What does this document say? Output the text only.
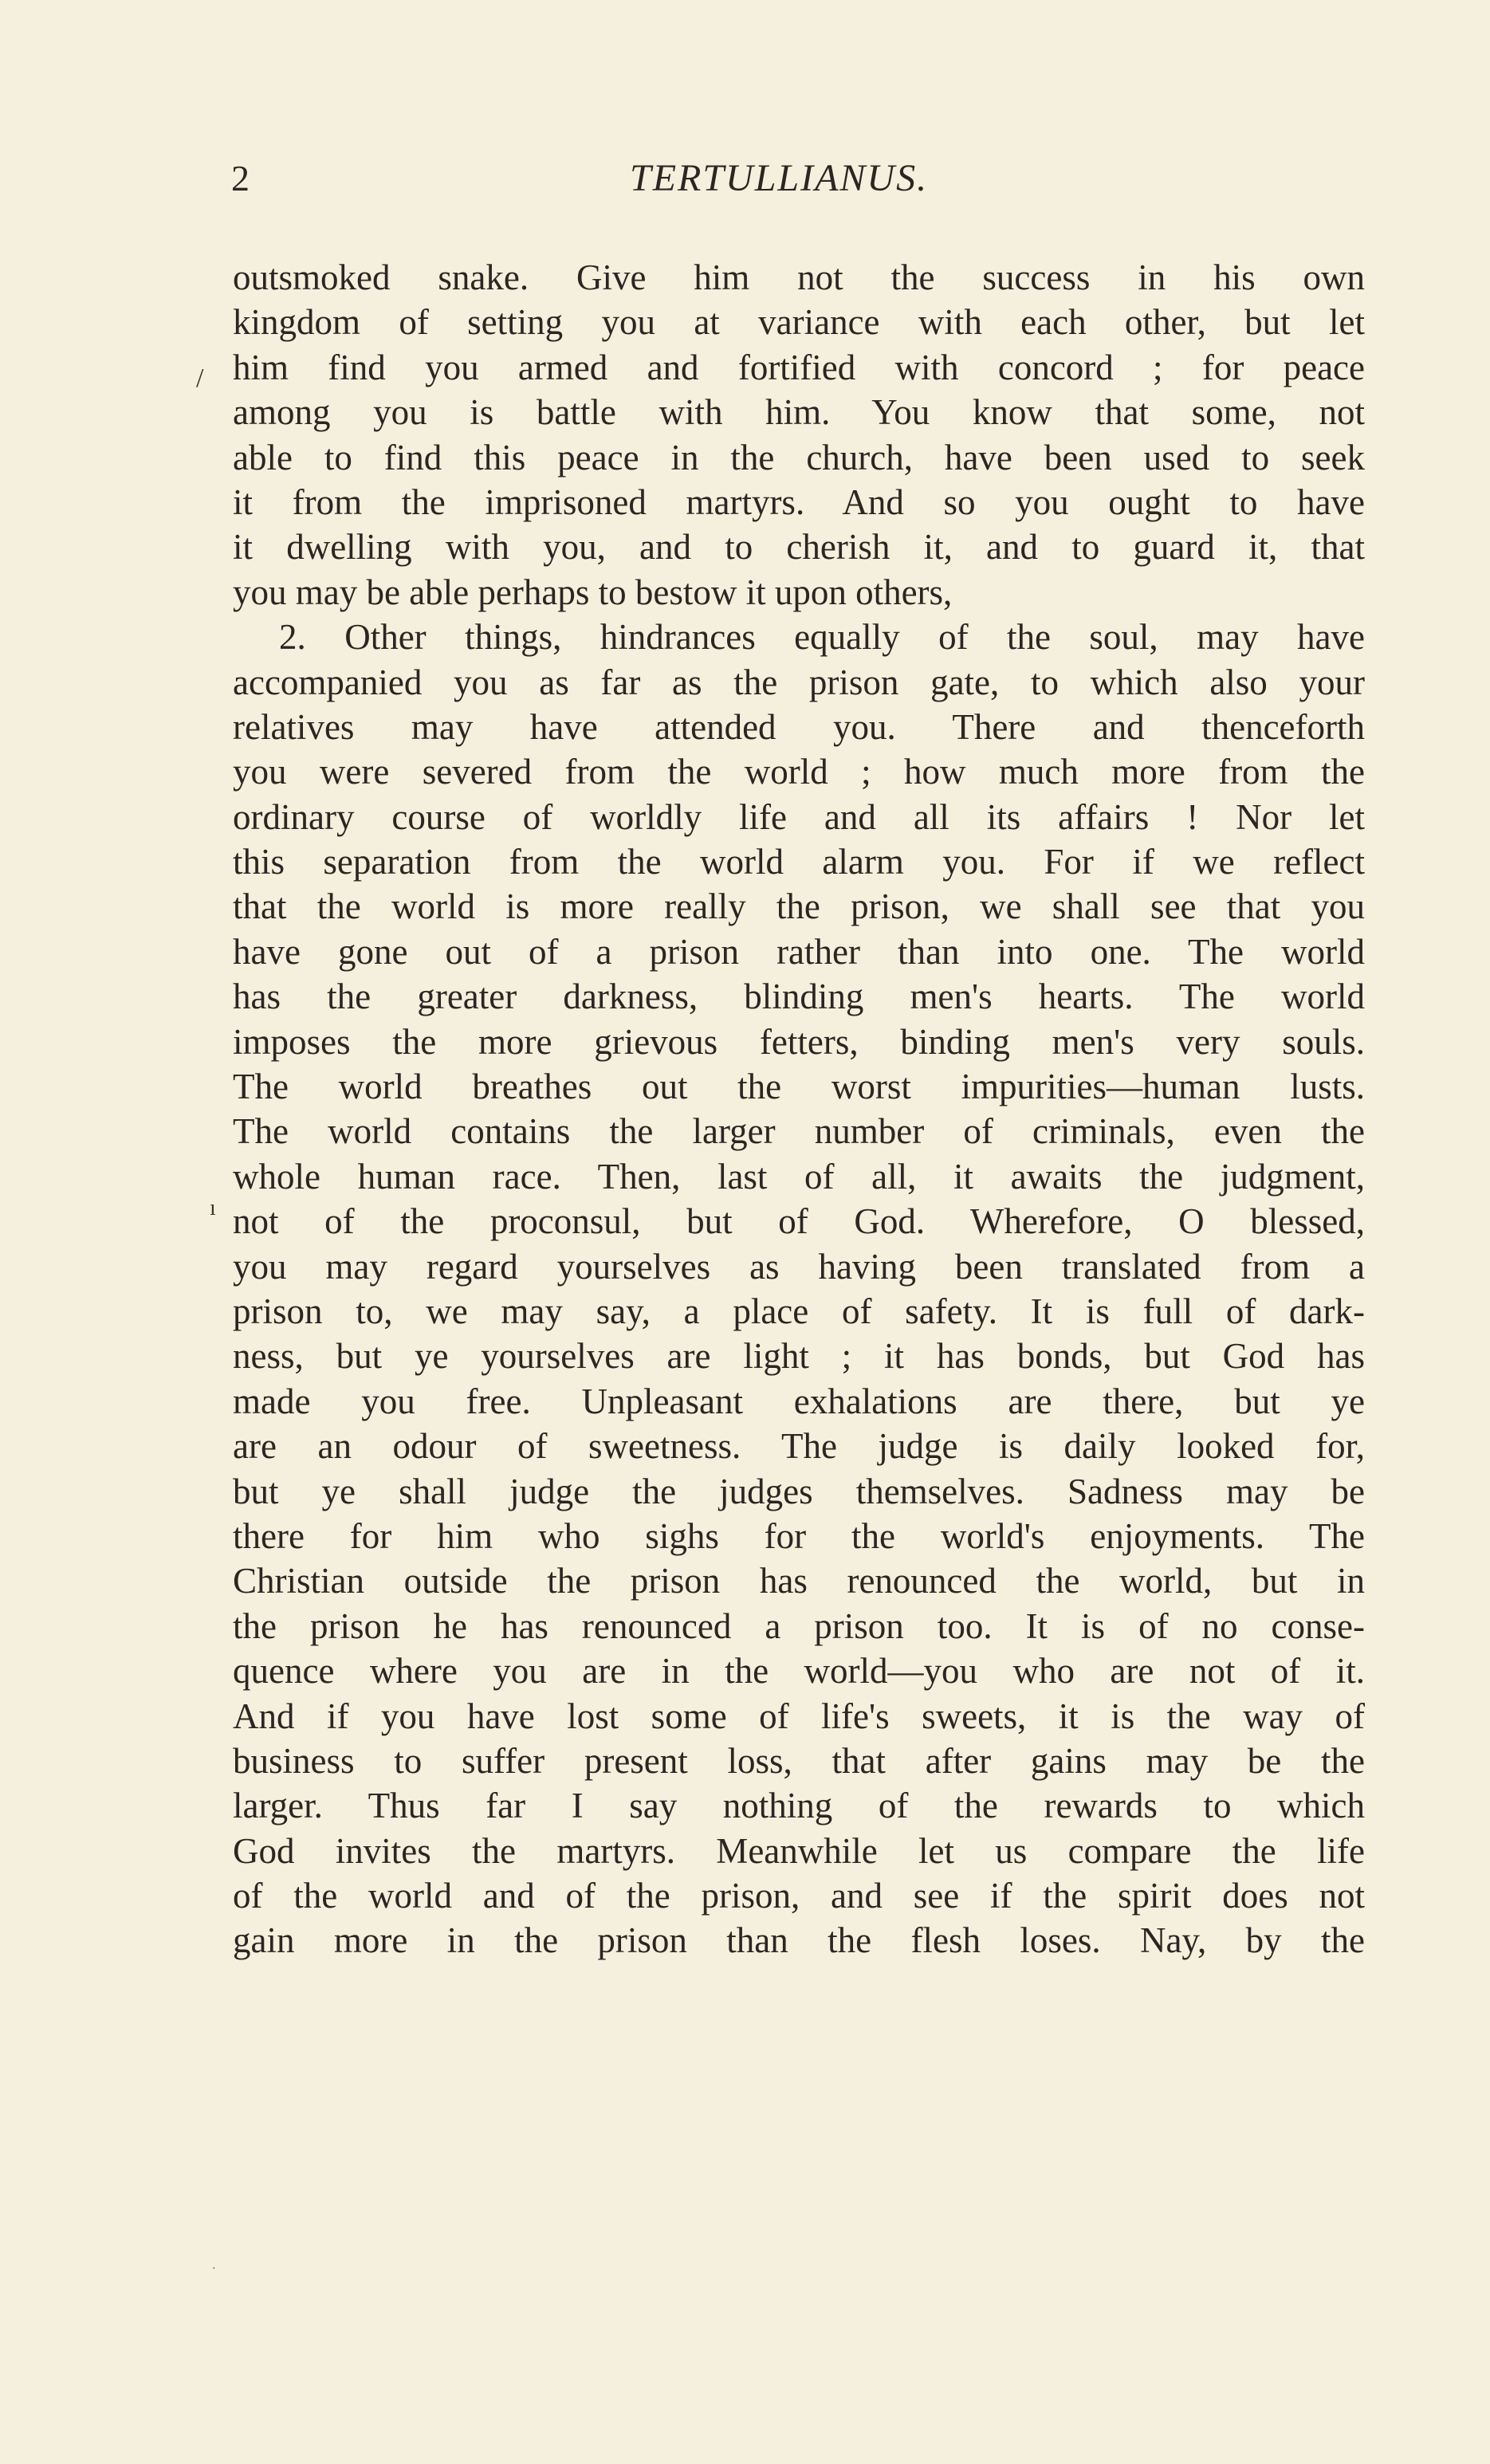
2	TERTULLIANUS.
/
ı
·
outsmoked snake. Give him not the success in his own
kingdom of setting you at variance with each other, but let
him find you armed and fortified with concord ; for peace
among you is battle with him. You know that some, not
able to find this peace in the church, have been used to seek
it from the imprisoned martyrs. And so you ought to have
it dwelling with you, and to cherish it, and to guard it, that
you may be able perhaps to bestow it upon others,
2. Other things, hindrances equally of the soul, may have
accompanied you as far as the prison gate, to which also your
relatives may have attended you. There and thenceforth
you were severed from the world ; how much more from the
ordinary course of worldly life and all its affairs ! Nor let
this separation from the world alarm you. For if we reflect
that the world is more really the prison, we shall see that you
have gone out of a prison rather than into one. The world
has the greater darkness, blinding men's hearts. The world
imposes the more grievous fetters, binding men's very souls.
The world breathes out the worst impurities—human lusts.
The world contains the larger number of criminals, even the
whole human race. Then, last of all, it awaits the judgment,
not of the proconsul, but of God. Wherefore, O blessed,
you may regard yourselves as having been translated from a
prison to, we may say, a place of safety. It is full of dark-
ness, but ye yourselves are light ; it has bonds, but God has
made you free. Unpleasant exhalations are there, but ye
are an odour of sweetness. The judge is daily looked for,
but ye shall judge the judges themselves. Sadness may be
there for him who sighs for the world's enjoyments. The
Christian outside the prison has renounced the world, but in
the prison he has renounced a prison too. It is of no conse-
quence where you are in the world—you who are not of it.
And if you have lost some of life's sweets, it is the way of
business to suffer present loss, that after gains may be the
larger. Thus far I say nothing of the rewards to which
God invites the martyrs. Meanwhile let us compare the life
of the world and of the prison, and see if the spirit does not
gain more in the prison than the flesh loses. Nay, by the
